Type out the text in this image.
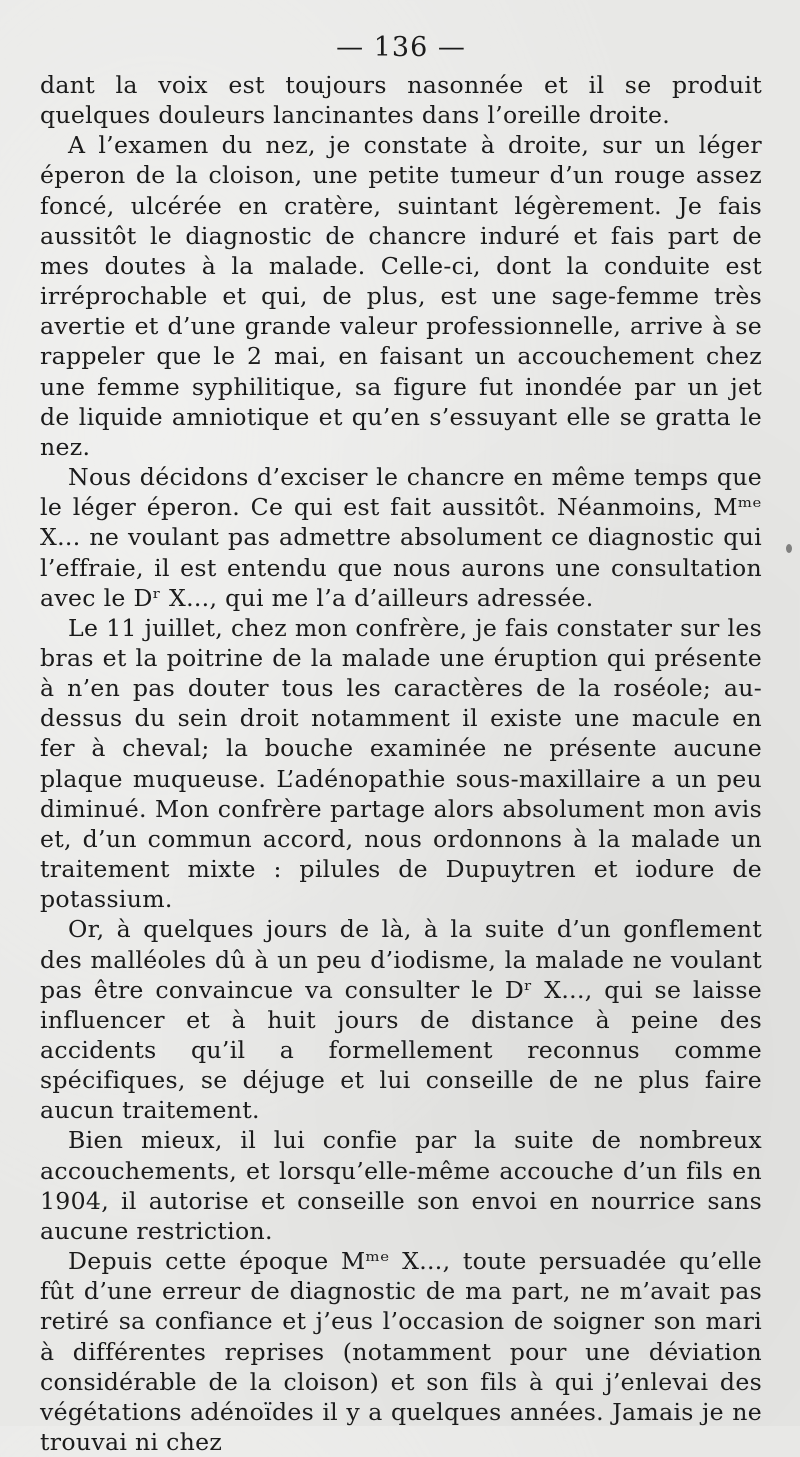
— 136 —

dant la voix est toujours nasonnée et il se produit quelques douleurs lancinantes dans l’oreille droite.

A l’examen du nez, je constate à droite, sur un léger éperon de la cloison, une petite tumeur d’un rouge assez foncé, ulcérée en cratère, suintant légèrement. Je fais aussitôt le diagnostic de chancre induré et fais part de mes doutes à la malade. Celle-ci, dont la conduite est irréprochable et qui, de plus, est une sage-femme très avertie et d’une grande valeur professionnelle, arrive à se rappeler que le 2 mai, en faisant un accouchement chez une femme syphilitique, sa figure fut inondée par un jet de liquide amniotique et qu’en s’essuyant elle se gratta le nez.

Nous décidons d’exciser le chancre en même temps que le léger éperon. Ce qui est fait aussitôt. Néanmoins, Mᵐᵉ X... ne voulant pas admettre absolument ce diagnostic qui l’effraie, il est entendu que nous aurons une consultation avec le Dʳ X..., qui me l’a d’ailleurs adressée.

Le 11 juillet, chez mon confrère, je fais constater sur les bras et la poitrine de la malade une éruption qui présente à n’en pas douter tous les caractères de la roséole; au-dessus du sein droit notamment il existe une macule en fer à cheval; la bouche examinée ne présente aucune plaque muqueuse. L’adénopathie sous-maxillaire a un peu diminué. Mon confrère partage alors absolument mon avis et, d’un commun accord, nous ordonnons à la malade un traitement mixte : pilules de Dupuytren et iodure de potassium.

Or, à quelques jours de là, à la suite d’un gonflement des malléoles dû à un peu d’iodisme, la malade ne voulant pas être convaincue va consulter le Dʳ X..., qui se laisse influencer et à huit jours de distance à peine des accidents qu’il a formellement reconnus comme spécifiques, se déjuge et lui conseille de ne plus faire aucun traitement.

Bien mieux, il lui confie par la suite de nombreux accouchements, et lorsqu’elle-même accouche d’un fils en 1904, il autorise et conseille son envoi en nourrice sans aucune restriction.

Depuis cette époque Mᵐᵉ X..., toute persuadée qu’elle fût d’une erreur de diagnostic de ma part, ne m’avait pas retiré sa confiance et j’eus l’occasion de soigner son mari à différentes reprises (notamment pour une déviation considérable de la cloison) et son fils à qui j’enlevai des végétations adénoïdes il y a quelques années. Jamais je ne trouvai ni chez
